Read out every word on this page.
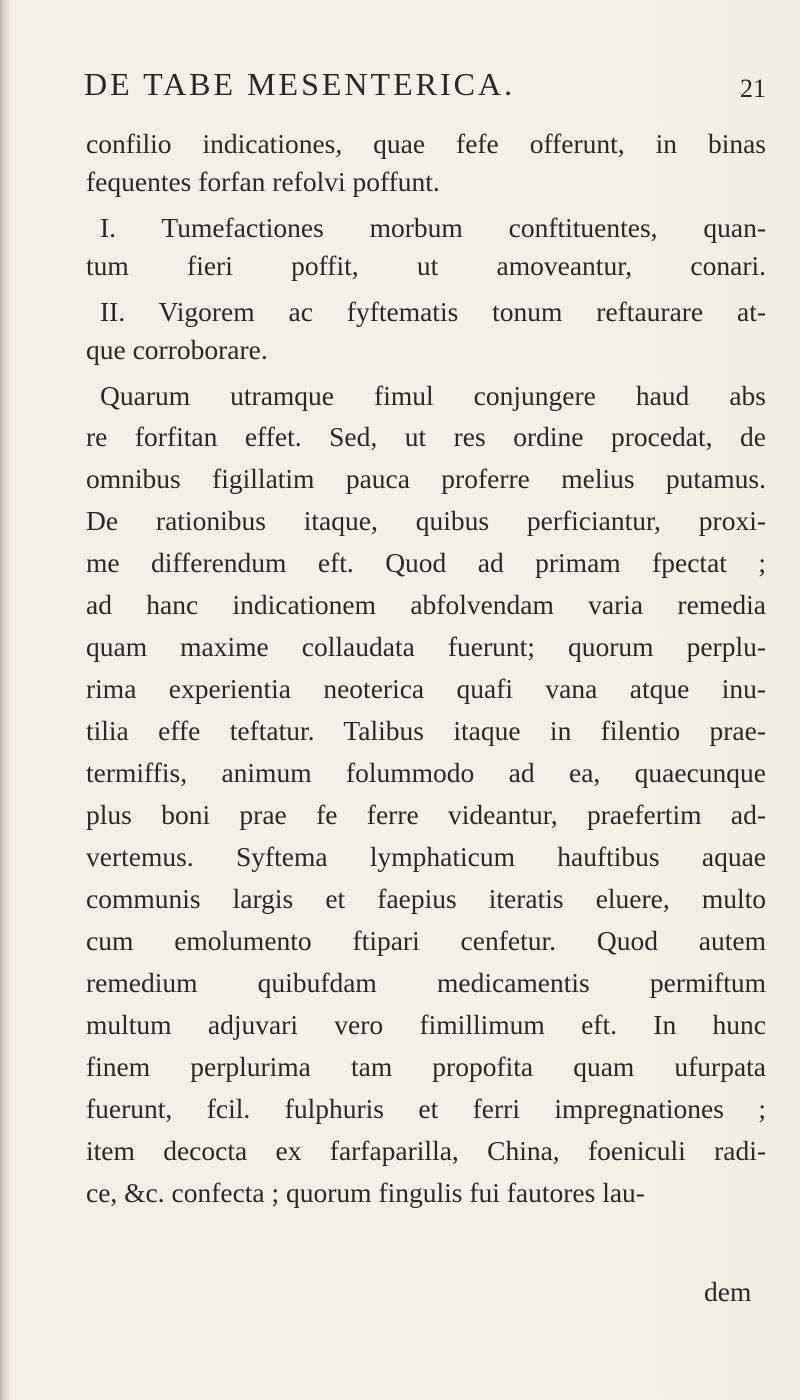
DE TABE MESENTERICA.	21
confilio indicationes, quae fefe offerunt, in binas
fequentes forfan refolvi poffunt.
I. Tumefactiones morbum conftituentes, quan-
tum fieri poffit, ut amoveantur, conari.
II. Vigorem ac fyftematis tonum reftaurare at-
que corroborare.
Quarum utramque fimul conjungere haud abs
re forfitan effet. Sed, ut res ordine procedat, de
omnibus figillatim pauca proferre melius putamus.
De rationibus itaque, quibus perficiantur, proxi-
me differendum eft. Quod ad primam fpectat ;
ad hanc indicationem abfolvendam varia remedia
quam maxime collaudata fuerunt; quorum perplu-
rima experientia neoterica quafi vana atque inu-
tilia effe teftatur. Talibus itaque in filentio prae-
termiffis, animum folummodo ad ea, quaecunque
plus boni prae fe ferre videantur, praefertim ad-
vertemus. Syftema lymphaticum hauftibus aquae
communis largis et faepius iteratis eluere, multo
cum emolumento ftipari cenfetur. Quod autem
remedium quibufdam medicamentis permiftum
multum adjuvari vero fimillimum eft. In hunc
finem perplurima tam propofita quam ufurpata
fuerunt, fcil. fulphuris et ferri impregnationes ;
item decocta ex farfaparilla, China, foeniculi radi-
ce, &c. confecta ; quorum fingulis fui fautores lau-
dem
